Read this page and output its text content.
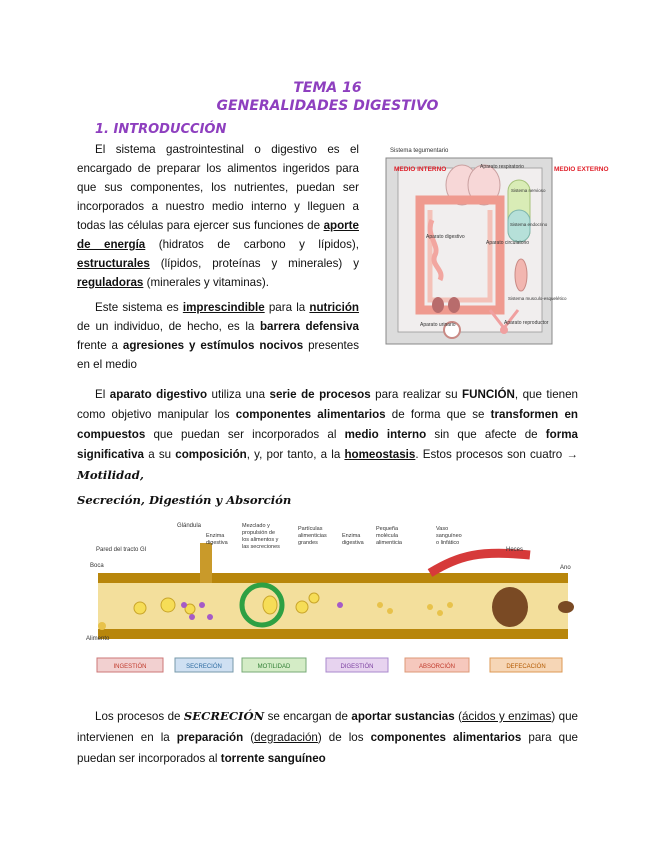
TEMA 16
GENERALIDADES DIGESTIVO
1. INTRODUCCIÓN
El sistema gastrointestinal o digestivo es el encargado de preparar los alimentos ingeridos para que sus componentes, los nutrientes, puedan ser incorporados a nuestro medio interno y lleguen a todas las células para ejercer sus funciones de aporte de energía (hidratos de carbono y lípidos), estructurales (lípidos, proteínas y minerales) y reguladoras (minerales y vitaminas).
Este sistema es imprescindible para la nutrición de un individuo, de hecho, es la barrera defensiva frente a agresiones y estímulos nocivos presentes en el medio
Sistema tegumentario
MEDIO INTERNO	MEDIO EXTERNO
Aparato respiratorio
Sistema nervioso
Sistema endocrino
Aparato digestivo
Aparato circulatorio
Sistema musculo-esquelético
Aparato urinario	Aparato reproductor
El aparato digestivo utiliza una serie de procesos para realizar su FUNCIÓN, que tienen como objetivo manipular los componentes alimentarios de forma que se transformen en compuestos que puedan ser incorporados al medio interno sin que afecte de forma significativa a su composición, y, por tanto, a la homeostasis. Estos procesos son cuatro → Motilidad,
Secreción, Digestión y Absorción
Glándula
Enzima digestiva
Mezclado y propulsión de los alimentos y las secreciones
Partículas alimenticias grandes
Enzima digestiva
Pequeña molécula alimenticia
Vaso sanguíneo o linfático
Heces
Pared del tracto GI
Boca
Alimento
Ano
INGESTIÓN	SECRECIÓN	MOTILIDAD	DIGESTIÓN	ABSORCIÓN	DEFECACIÓN
Los procesos de SECRECIÓN se encargan de aportar sustancias (ácidos y enzimas) que intervienen en la preparación (degradación) de los componentes alimentarios para que puedan ser incorporados al torrente sanguíneo
